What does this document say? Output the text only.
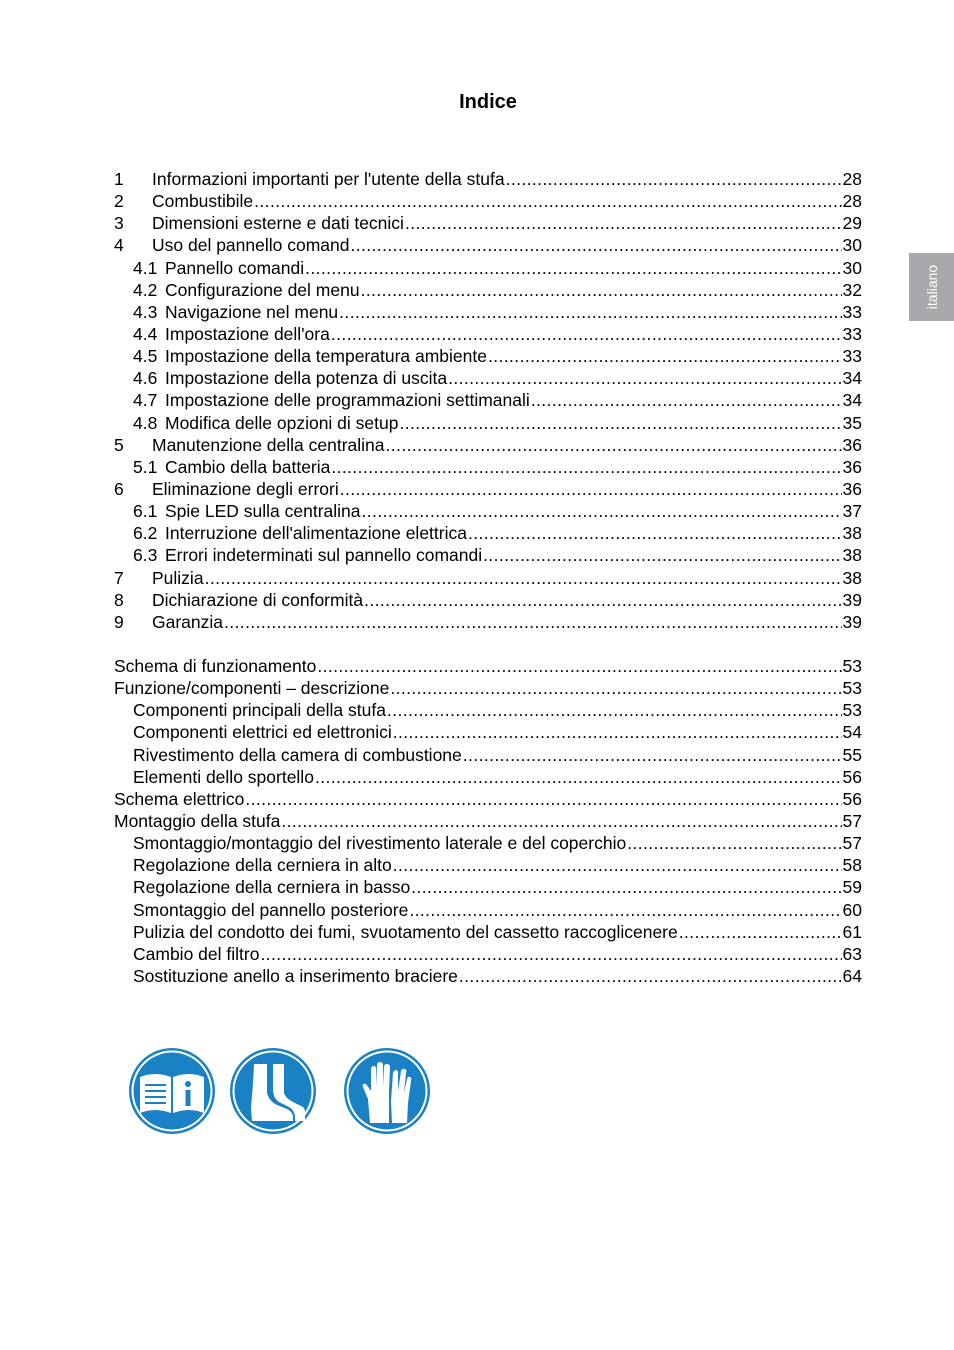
Indice
italiano
1	Informazioni importanti per l'utente della stufa .....	28
2	Combustibile .....	28
3	Dimensioni esterne e dati tecnici .....	29
4	Uso del pannello comand .....	30
4.1 Pannello comandi .....	30
4.2 Configurazione del menu .....	32
4.3 Navigazione nel menu .....	33
4.4 Impostazione dell'ora .....	33
4.5 Impostazione della temperatura ambiente .....	33
4.6 Impostazione della potenza di uscita .....	34
4.7 Impostazione delle programmazioni settimanali .....	34
4.8 Modifica delle opzioni di setup .....	35
5	Manutenzione della centralina .....	36
5.1 Cambio della batteria .....	36
6	Eliminazione degli errori .....	36
6.1 Spie LED sulla centralina .....	37
6.2 Interruzione dell'alimentazione elettrica .....	38
6.3 Errori indeterminati sul pannello comandi .....	38
7	Pulizia .....	38
8	Dichiarazione di conformità .....	39
9	Garanzia .....	39
Schema di funzionamento .....	53
Funzione/componenti – descrizione .....	53
Componenti principali della stufa .....	53
Componenti elettrici ed elettronici .....	54
Rivestimento della camera di combustione .....	55
Elementi dello sportello .....	56
Schema elettrico .....	56
Montaggio della stufa .....	57
Smontaggio/montaggio del rivestimento laterale e del coperchio .....	57
Regolazione della cerniera in alto .....	58
Regolazione della cerniera in basso .....	59
Smontaggio del pannello posteriore .....	60
Pulizia del condotto dei fumi, svuotamento del cassetto raccoglicenere .....	61
Cambio del filtro .....	63
Sostituzione anello a inserimento braciere .....	64
